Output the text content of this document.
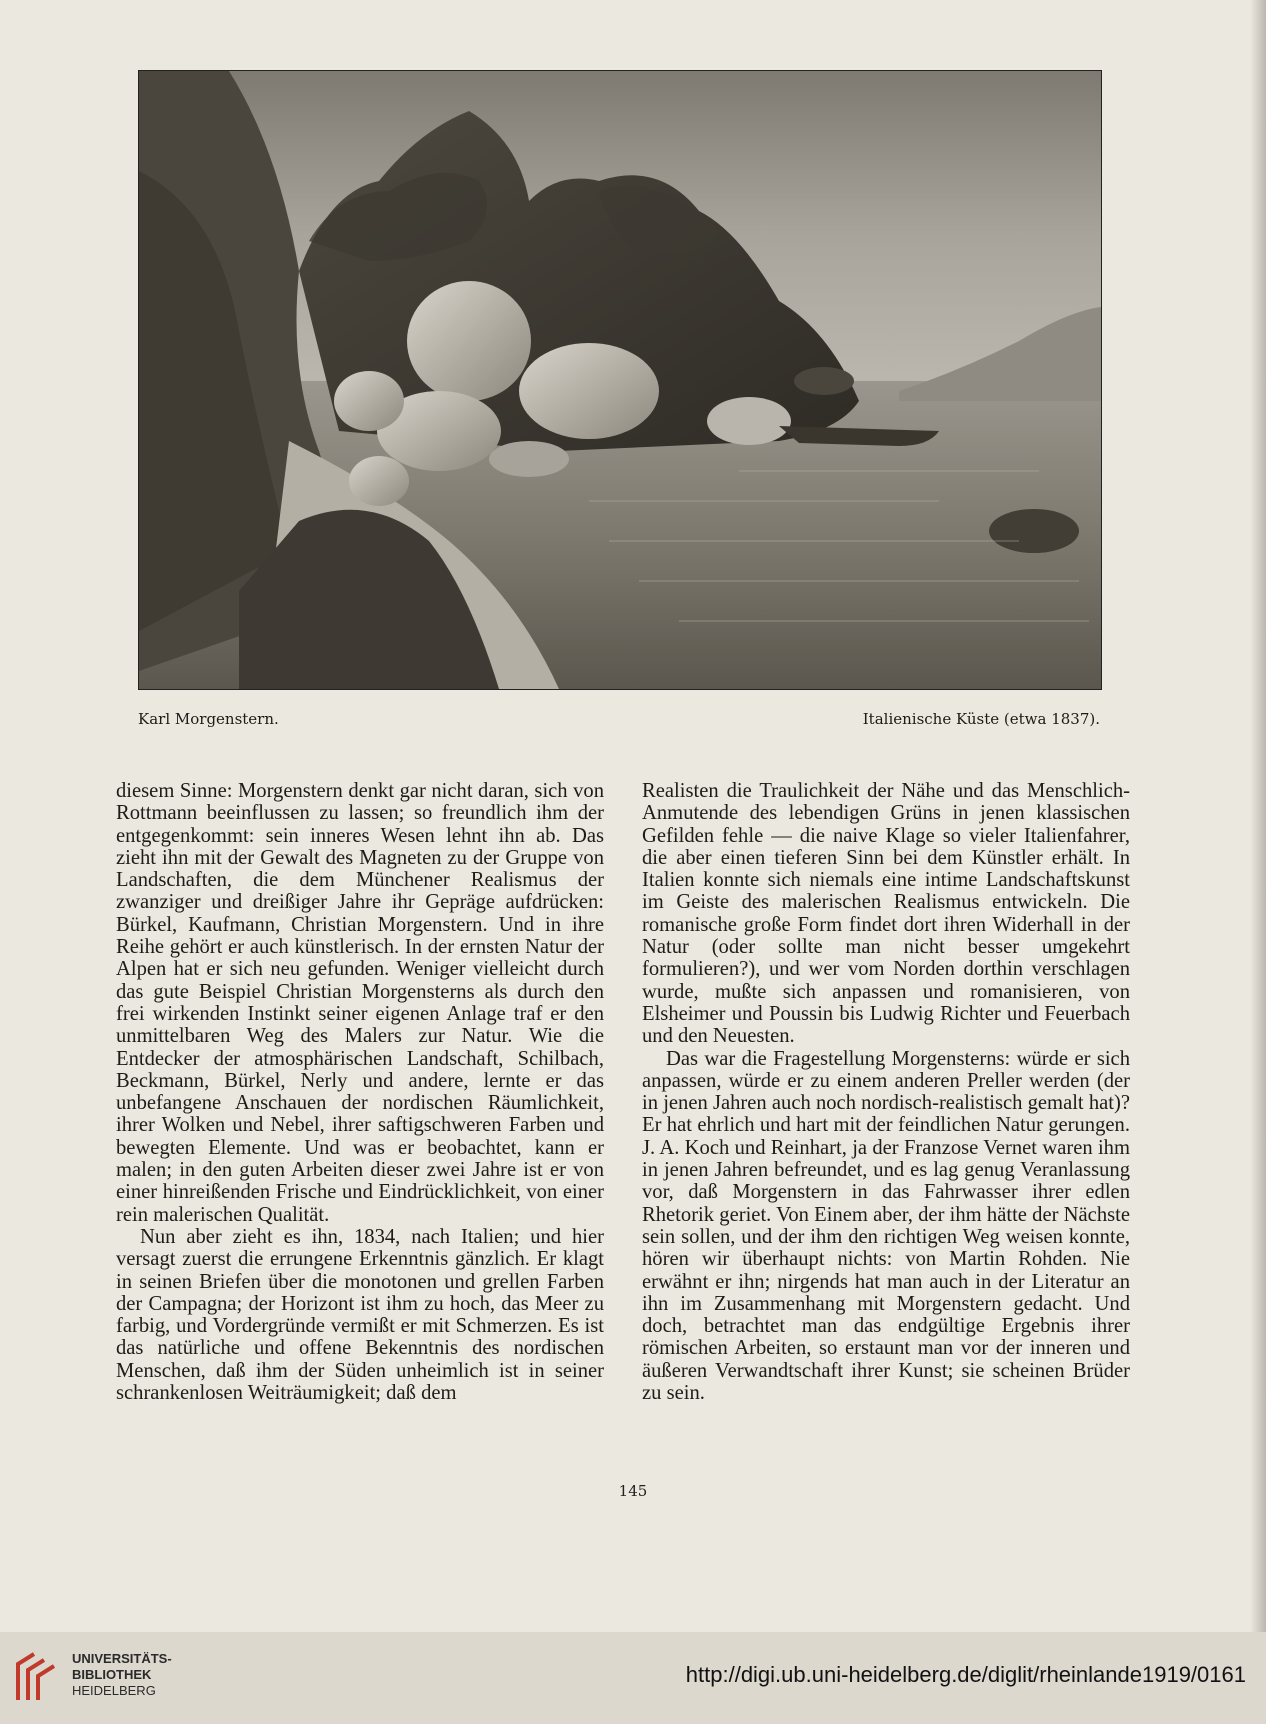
Karl Morgenstern.	Italienische Küste (etwa 1837).

diesem Sinne: Morgenstern denkt gar nicht daran, sich von Rottmann beeinflussen zu lassen; so freundlich ihm der entgegenkommt: sein inneres Wesen lehnt ihn ab. Das zieht ihn mit der Gewalt des Magneten zu der Gruppe von Landschaften, die dem Münchener Realismus der zwanziger und dreißiger Jahre ihr Gepräge aufdrücken: Bürkel, Kaufmann, Christian Morgenstern. Und in ihre Reihe gehört er auch künstlerisch. In der ernsten Natur der Alpen hat er sich neu gefunden. Weniger vielleicht durch das gute Beispiel Christian Morgensterns als durch den frei wirkenden Instinkt seiner eigenen Anlage traf er den unmittelbaren Weg des Malers zur Natur. Wie die Entdecker der atmosphärischen Landschaft, Schilbach, Beckmann, Bürkel, Nerly und andere, lernte er das unbefangene Anschauen der nordischen Räumlichkeit, ihrer Wolken und Nebel, ihrer saftigschweren Farben und bewegten Elemente. Und was er beobachtet, kann er malen; in den guten Arbeiten dieser zwei Jahre ist er von einer hinreißenden Frische und Eindrücklichkeit, von einer rein malerischen Qualität.

Nun aber zieht es ihn, 1834, nach Italien; und hier versagt zuerst die errungene Erkenntnis gänzlich. Er klagt in seinen Briefen über die monotonen und grellen Farben der Campagna; der Horizont ist ihm zu hoch, das Meer zu farbig, und Vordergründe vermißt er mit Schmerzen. Es ist das natürliche und offene Bekenntnis des nordischen Menschen, daß ihm der Süden unheimlich ist in seiner schrankenlosen Weiträumigkeit; daß dem

Realisten die Traulichkeit der Nähe und das Menschlich-Anmutende des lebendigen Grüns in jenen klassischen Gefilden fehle — die naive Klage so vieler Italienfahrer, die aber einen tieferen Sinn bei dem Künstler erhält. In Italien konnte sich niemals eine intime Landschaftskunst im Geiste des malerischen Realismus entwickeln. Die romanische große Form findet dort ihren Widerhall in der Natur (oder sollte man nicht besser umgekehrt formulieren?), und wer vom Norden dorthin verschlagen wurde, mußte sich anpassen und romanisieren, von Elsheimer und Poussin bis Ludwig Richter und Feuerbach und den Neuesten.

Das war die Fragestellung Morgensterns: würde er sich anpassen, würde er zu einem anderen Preller werden (der in jenen Jahren auch noch nordisch-realistisch gemalt hat)? Er hat ehrlich und hart mit der feindlichen Natur gerungen. J. A. Koch und Reinhart, ja der Franzose Vernet waren ihm in jenen Jahren befreundet, und es lag genug Veranlassung vor, daß Morgenstern in das Fahrwasser ihrer edlen Rhetorik geriet. Von Einem aber, der ihm hätte der Nächste sein sollen, und der ihm den richtigen Weg weisen konnte, hören wir überhaupt nichts: von Martin Rohden. Nie erwähnt er ihn; nirgends hat man auch in der Literatur an ihn im Zusammenhang mit Morgenstern gedacht. Und doch, betrachtet man das endgültige Ergebnis ihrer römischen Arbeiten, so erstaunt man vor der inneren und äußeren Verwandtschaft ihrer Kunst; sie scheinen Brüder zu sein.

145
UNIVERSITÄTS-
BIBLIOTHEK
HEIDELBERG
http://digi.ub.uni-heidelberg.de/diglit/rheinlande1919/0161
